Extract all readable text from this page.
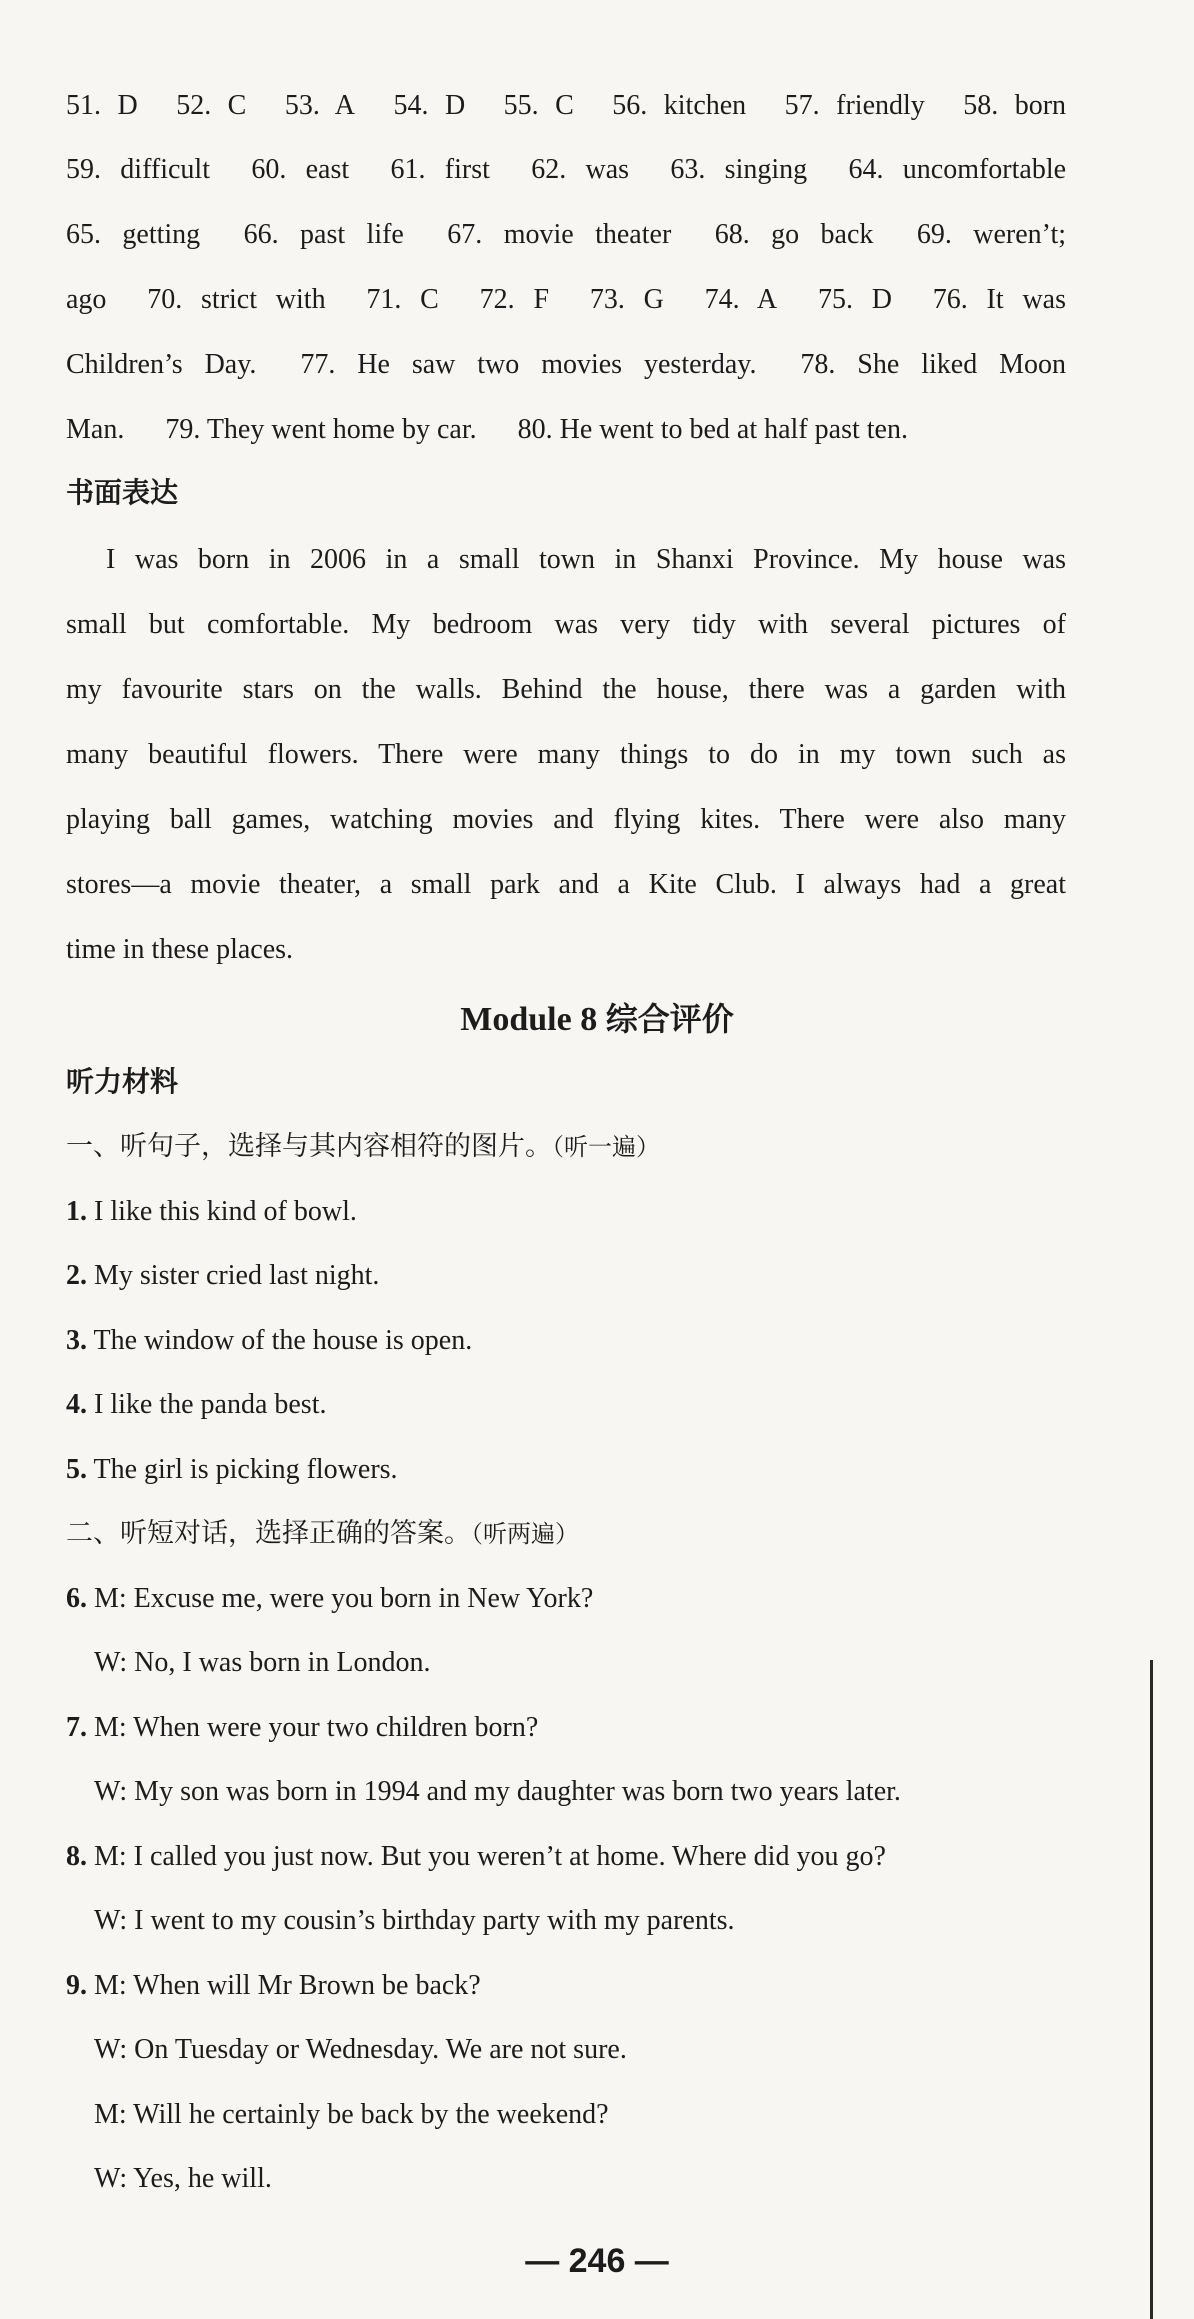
51. D 52. C 53. A 54. D 55. C 56. kitchen 57. friendly 58. born
59. difficult 60. east 61. first 62. was 63. singing 64. uncomfortable
65. getting 66. past life 67. movie theater 68. go back 69. weren’t;
ago 70. strict with 71. C 72. F 73. G 74. A 75. D 76. It was
Children’s Day. 77. He saw two movies yesterday. 78. She liked Moon
Man. 79. They went home by car. 80. He went to bed at half past ten.
书面表达
I was born in 2006 in a small town in Shanxi Province. My house was
small but comfortable. My bedroom was very tidy with several pictures of
my favourite stars on the walls. Behind the house, there was a garden with
many beautiful flowers. There were many things to do in my town such as
playing ball games, watching movies and flying kites. There were also many
stores—a movie theater, a small park and a Kite Club. I always had a great
time in these places.
Module 8 综合评价
听力材料
一、听句子，选择与其内容相符的图片。（听一遍）
1. I like this kind of bowl.
2. My sister cried last night.
3. The window of the house is open.
4. I like the panda best.
5. The girl is picking flowers.
二、听短对话，选择正确的答案。（听两遍）
6. M: Excuse me, were you born in New York?
W: No, I was born in London.
7. M: When were your two children born?
W: My son was born in 1994 and my daughter was born two years later.
8. M: I called you just now. But you weren’t at home. Where did you go?
W: I went to my cousin’s birthday party with my parents.
9. M: When will Mr Brown be back?
W: On Tuesday or Wednesday. We are not sure.
M: Will he certainly be back by the weekend?
W: Yes, he will.
— 246 —
